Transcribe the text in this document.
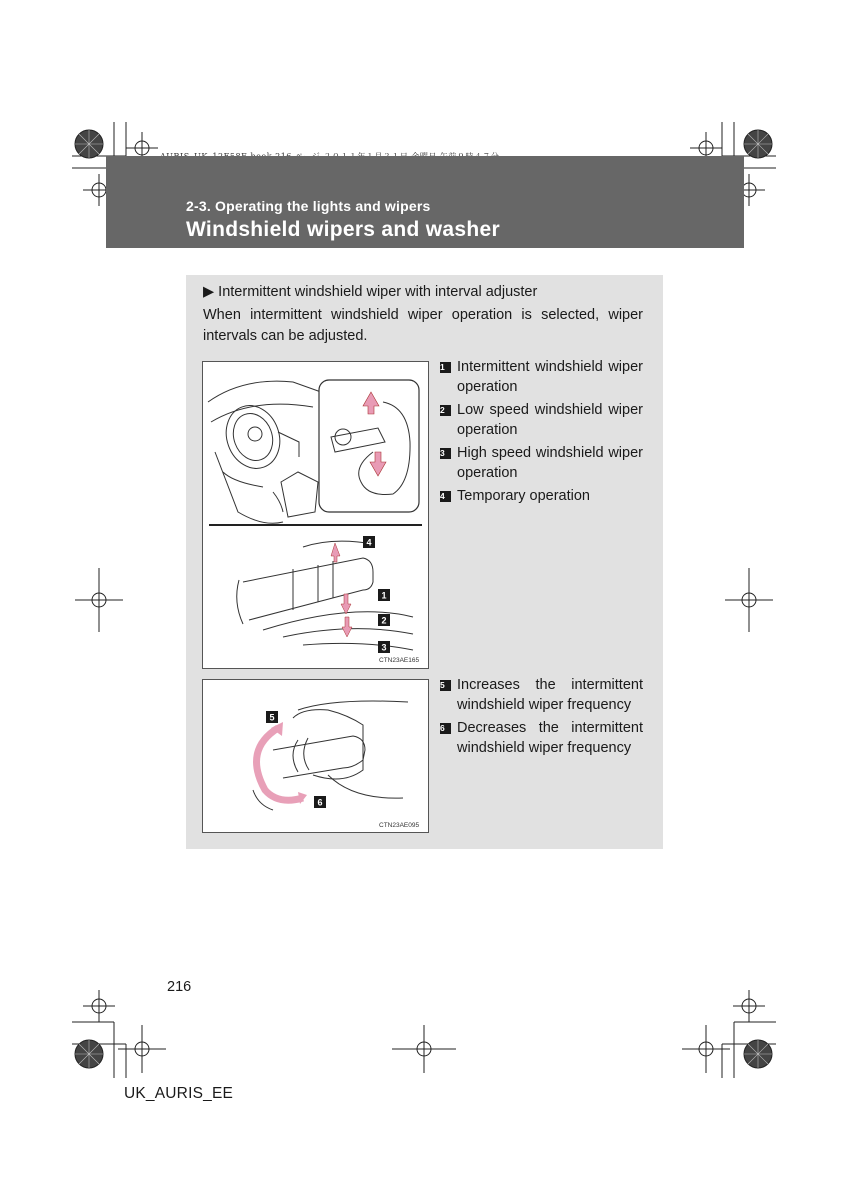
2-3. Operating the lights and wipers
Windshield wipers and washer
▶ Intermittent windshield wiper with interval adjuster
When intermittent windshield wiper operation is selected, wiper intervals can be adjusted.
4
1
2
3
CTN23AE165
5
6
CTN23AE095
1 Intermittent windshield wiper operation
2 Low speed windshield wiper operation
3 High speed windshield wiper operation
4 Temporary operation
5 Increases the intermittent windshield wiper frequency
6 Decreases the intermittent windshield wiper frequency
216
UK_AURIS_EE
